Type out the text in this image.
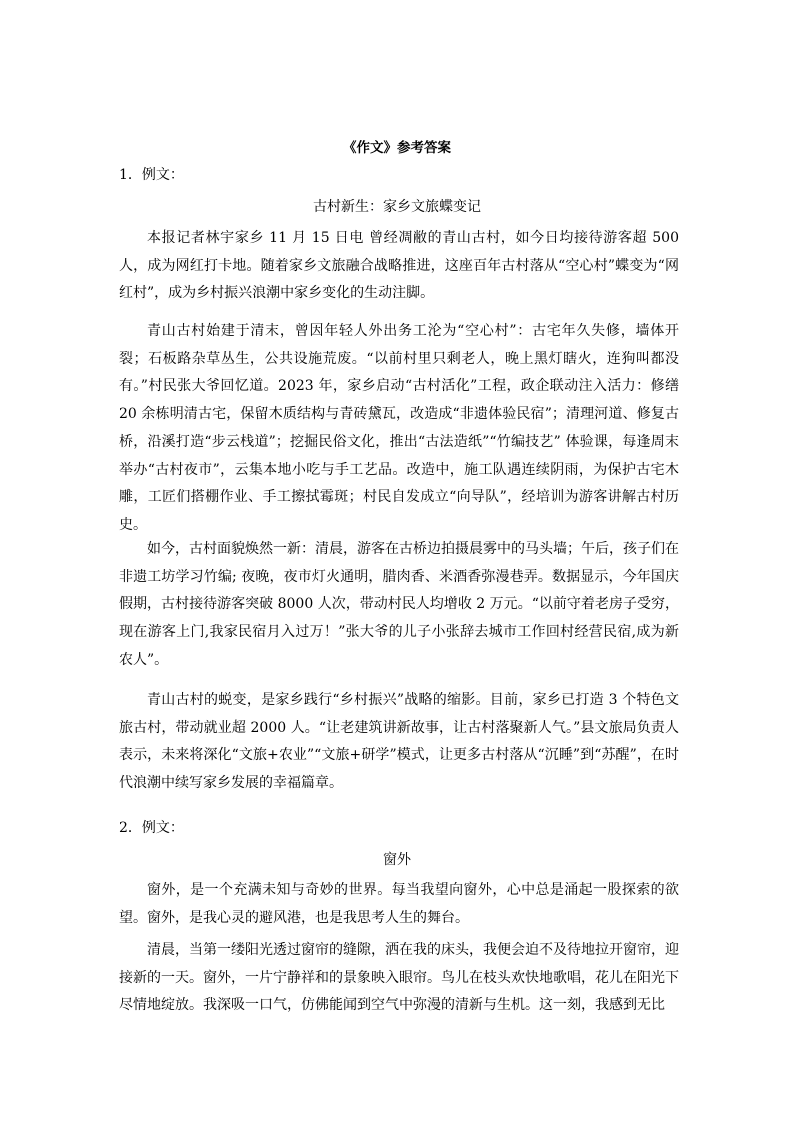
《作文》参考答案
1．例文：
古村新生：家乡文旅蝶变记

本报记者林宇家乡 11 月 15 日电 曾经凋敝的青山古村，如今日均接待游客超 500 人，成为网红打卡地。随着家乡文旅融合战略推进，这座百年古村落从“空心村”蝶变为“网红村”，成为乡村振兴浪潮中家乡变化的生动注脚。

青山古村始建于清末，曾因年轻人外出务工沦为“空心村”：古宅年久失修，墙体开裂；石板路杂草丛生，公共设施荒废。“以前村里只剩老人，晚上黑灯瞎火，连狗叫都没有。”村民张大爷回忆道。2023 年，家乡启动“古村活化”工程，政企联动注入活力：修缮 20 余栋明清古宅，保留木质结构与青砖黛瓦，改造成“非遗体验民宿”；清理河道、修复古桥，沿溪打造“步云栈道”；挖掘民俗文化，推出“古法造纸”“竹编技艺” 体验课，每逢周末举办“古村夜市”，云集本地小吃与手工艺品。改造中，施工队遇连续阴雨，为保护古宅木雕，工匠们搭棚作业、手工擦拭霉斑；村民自发成立“向导队”，经培训为游客讲解古村历史。

如今，古村面貌焕然一新：清晨，游客在古桥边拍摄晨雾中的马头墙；午后，孩子们在非遗工坊学习竹编; 夜晚，夜市灯火通明，腊肉香、米酒香弥漫巷弄。数据显示，今年国庆假期，古村接待游客突破 8000 人次，带动村民人均增收 2 万元。“以前守着老房子受穷，现在游客上门,我家民宿月入过万！”张大爷的儿子小张辞去城市工作回村经营民宿,成为新农人”。

青山古村的蜕变，是家乡践行“乡村振兴”战略的缩影。目前，家乡已打造 3 个特色文旅古村，带动就业超 2000 人。“让老建筑讲新故事，让古村落聚新人气。”县文旅局负责人表示，未来将深化“文旅+农业”“文旅+研学”模式，让更多古村落从“沉睡”到“苏醒”，在时代浪潮中续写家乡发展的幸福篇章。

2．例文：
窗外

窗外，是一个充满未知与奇妙的世界。每当我望向窗外，心中总是涌起一股探索的欲望。窗外，是我心灵的避风港，也是我思考人生的舞台。

清晨，当第一缕阳光透过窗帘的缝隙，洒在我的床头，我便会迫不及待地拉开窗帘，迎接新的一天。窗外，一片宁静祥和的景象映入眼帘。鸟儿在枝头欢快地歌唱，花儿在阳光下尽情地绽放。我深吸一口气，仿佛能闻到空气中弥漫的清新与生机。这一刻，我感到无比
